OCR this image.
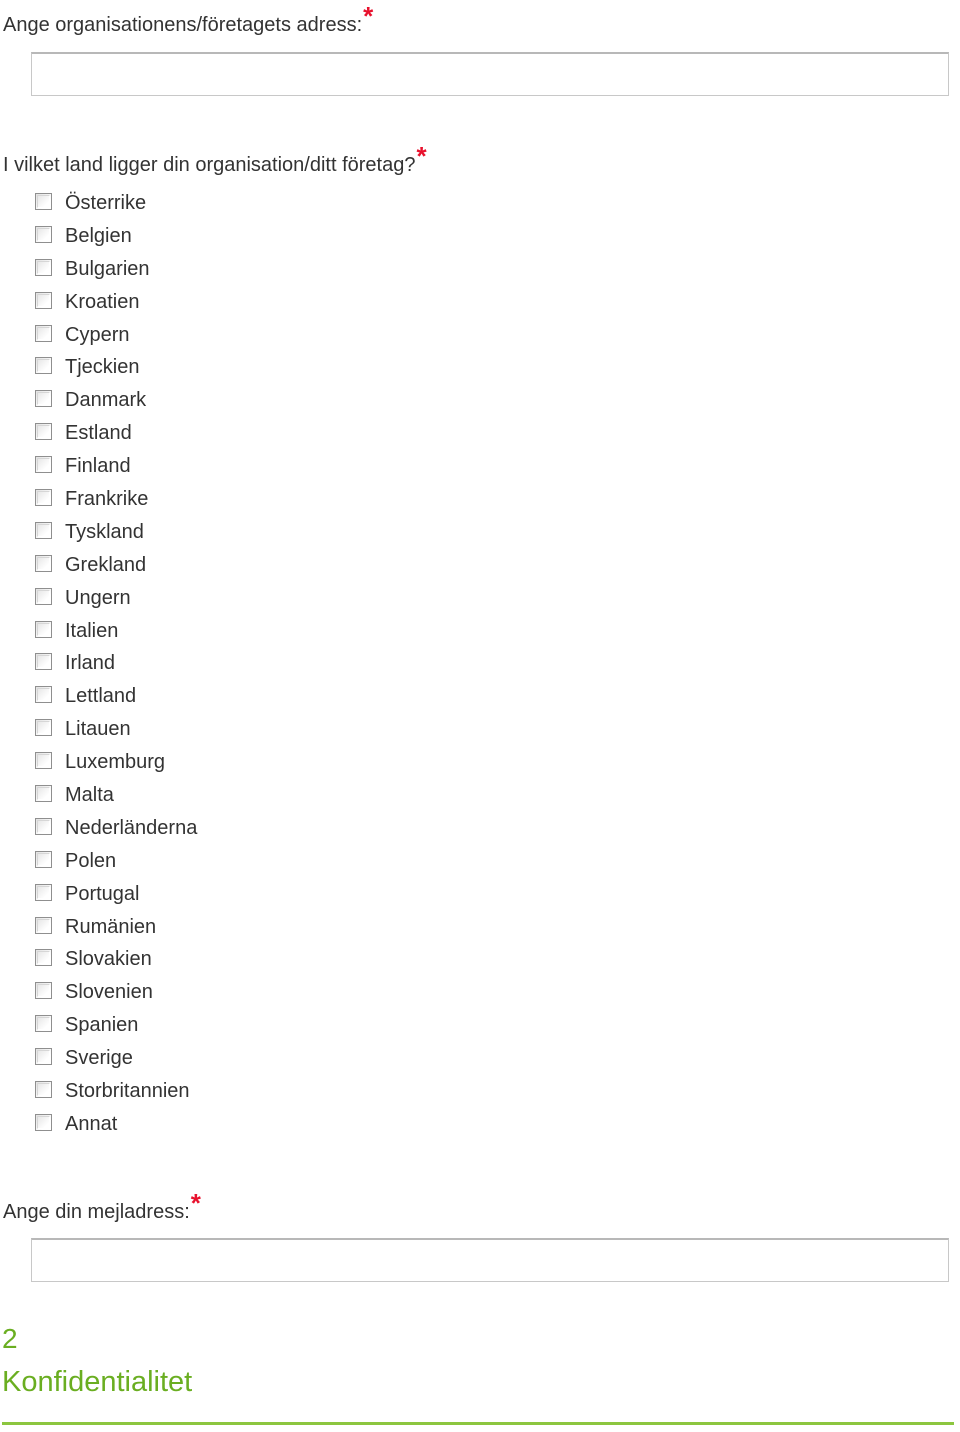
Ange organisationens/företagets adress:*
I vilket land ligger din organisation/ditt företag?*
Österrike
Belgien
Bulgarien
Kroatien
Cypern
Tjeckien
Danmark
Estland
Finland
Frankrike
Tyskland
Grekland
Ungern
Italien
Irland
Lettland
Litauen
Luxemburg
Malta
Nederländerna
Polen
Portugal
Rumänien
Slovakien
Slovenien
Spanien
Sverige
Storbritannien
Annat
Ange din mejladress:*
2
Konfidentialitet
